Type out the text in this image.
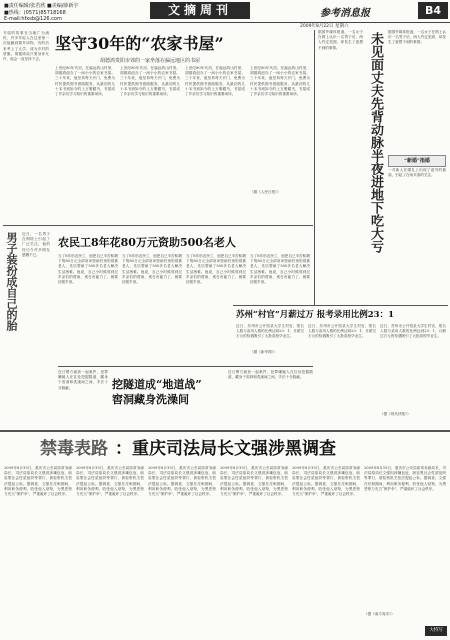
■责任编辑/张若欣 ■美编/薛新宇
■热线：(0571)85718168
E-mail:hfxsb@126.com
文摘周刊	参考消息报	B4
2009年8月22日 星期六
书屋的故事在当地广为流传，许多年轻人在这里第一次接触到课外读物，有的后来考上了大学，成为乡村的骄傲。胡德鸿说只要身体允许，他会一直坚持下去。
坚守30年的“农家书屋”
胡德鸿贵阳市郊的一家坐落在偏远地区的书屋
上世纪80年代初，在偏远的山村里，胡德鸿创办了一间小小的农家书屋。三十年来，他坚持每天开门，免费为村民提供图书借阅服务，从最初的几十本书到如今的上万册藏书，书屋成了乡亲们学习知识的重要场所。
上世纪80年代初，在偏远的山村里，胡德鸿创办了一间小小的农家书屋。三十年来，他坚持每天开门，免费为村民提供图书借阅服务，从最初的几十本书到如今的上万册藏书，书屋成了乡亲们学习知识的重要场所。
上世纪80年代初，在偏远的山村里，胡德鸿创办了一间小小的农家书屋。三十年来，他坚持每天开门，免费为村民提供图书借阅服务，从最初的几十本书到如今的上万册藏书，书屋成了乡亲们学习知识的重要场所。
上世纪80年代初，在偏远的山村里，胡德鸿创办了一间小小的农家书屋。三十年来，他坚持每天开门，免费为村民提供图书借阅服务，从最初的几十本书到如今的上万册藏书，书屋成了乡亲们学习知识的重要场所。
（据《人民日报》）
据国外媒体报道，一名女子在网上认识一名男子后，两人约定见面，却发生了意想不到的事情。	未见面丈夫先背动脉半夜进地下吃大亏 据国外媒体报道，一名女子在网上认识一名男子后，两人约定见面，却发生了意想不到的事情。
“新婚”指婚
一对新人在婚礼上出现了意外的插曲，引起了在场宾客的关注。
男子装扮成自己的胎 近日，一名男子在网络上引起了广泛关注，他的经历令许多网友感慨不已。
农民工8年花80万元资助500名老人
当了8年的农民工，他把自己辛苦积攒下的80万元全部用来资助村里的孤寡老人，先后帮助了500多名老人解决生活困难。他说，自己小时候得到过乡亲们的帮助，现在有能力了，就要回报乡里。
当了8年的农民工，他把自己辛苦积攒下的80万元全部用来资助村里的孤寡老人，先后帮助了500多名老人解决生活困难。他说，自己小时候得到过乡亲们的帮助，现在有能力了，就要回报乡里。
当了8年的农民工，他把自己辛苦积攒下的80万元全部用来资助村里的孤寡老人，先后帮助了500多名老人解决生活困难。他说，自己小时候得到过乡亲们的帮助，现在有能力了，就要回报乡里。
当了8年的农民工，他把自己辛苦积攒下的80万元全部用来资助村里的孤寡老人，先后帮助了500多名老人解决生活困难。他说，自己小时候得到过乡亲们的帮助，现在有能力了，就要回报乡里。
（据《新华网》）
近日警方破获一起案件，犯罪嫌疑人在住处挖掘隧道，藏身于窖洞和洗澡间之间，手法十分隐蔽。	挖隧道成“地道战”
窖洞藏身洗澡间
近日警方破获一起案件，犯罪嫌疑人在住处挖掘隧道，藏身于窖洞和洗澡间之间，手法十分隐蔽。
苏州“村官”月薪过万 报考录用比例23：1
近日，苏州市公开招录大学生村官，报名人数与录用人数的比例达到23：1，月薪过万元的待遇吸引了大批高校毕业生。
近日，苏州市公开招录大学生村官，报名人数与录用人数的比例达到23：1，月薪过万元的待遇吸引了大批高校毕业生。
近日，苏州市公开招录大学生村官，报名人数与录用人数的比例达到23：1，月薪过万元的待遇吸引了大批高校毕业生。
（据《现代快报》）
禁毒表路 ：重庆司法局长文强涉黑调查
2009年8月19日，重庆市公安局原常务副局长、司法局原局长文强因涉嫌包庇、纵容黑社会性质组织等罪行，被检察机关依法提起公诉。据调查，文强在任职期间，利用职务便利，收受他人财物，为黑恶势力充当“保护伞”，严重破坏了社会秩序。
2009年8月19日，重庆市公安局原常务副局长、司法局原局长文强因涉嫌包庇、纵容黑社会性质组织等罪行，被检察机关依法提起公诉。据调查，文强在任职期间，利用职务便利，收受他人财物，为黑恶势力充当“保护伞”，严重破坏了社会秩序。
2009年8月19日，重庆市公安局原常务副局长、司法局原局长文强因涉嫌包庇、纵容黑社会性质组织等罪行，被检察机关依法提起公诉。据调查，文强在任职期间，利用职务便利，收受他人财物，为黑恶势力充当“保护伞”，严重破坏了社会秩序。
2009年8月19日，重庆市公安局原常务副局长、司法局原局长文强因涉嫌包庇、纵容黑社会性质组织等罪行，被检察机关依法提起公诉。据调查，文强在任职期间，利用职务便利，收受他人财物，为黑恶势力充当“保护伞”，严重破坏了社会秩序。
2009年8月19日，重庆市公安局原常务副局长、司法局原局长文强因涉嫌包庇、纵容黑社会性质组织等罪行，被检察机关依法提起公诉。据调查，文强在任职期间，利用职务便利，收受他人财物，为黑恶势力充当“保护伞”，严重破坏了社会秩序。
2009年8月19日，重庆市公安局原常务副局长、司法局原局长文强因涉嫌包庇、纵容黑社会性质组织等罪行，被检察机关依法提起公诉。据调查，文强在任职期间，利用职务便利，收受他人财物，为黑恶势力充当“保护伞”，严重破坏了社会秩序。
（据《南方周末》）
大特写
